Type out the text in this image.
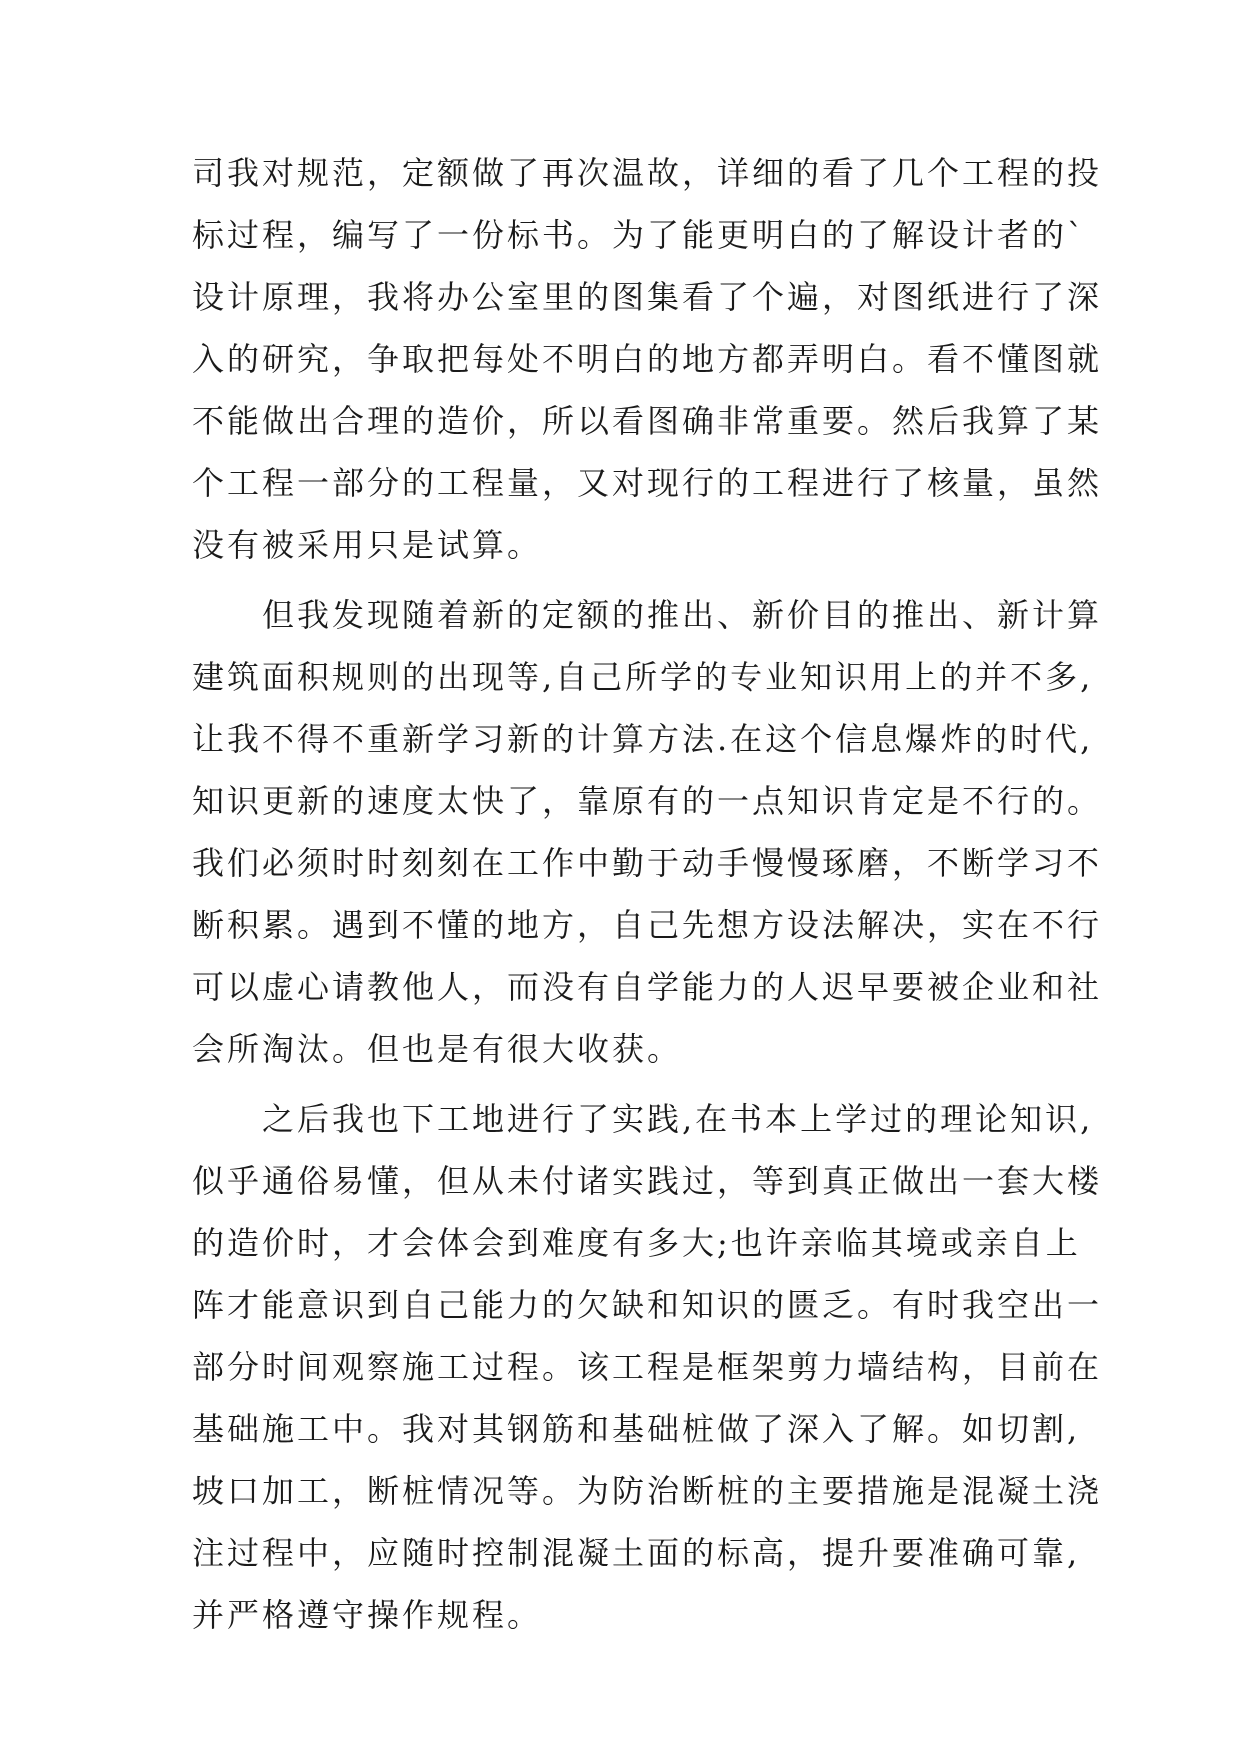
司我对规范，定额做了再次温故，详细的看了几个工程的投
标过程，编写了一份标书。为了能更明白的了解设计者的`
设计原理，我将办公室里的图集看了个遍，对图纸进行了深
入的研究，争取把每处不明白的地方都弄明白。看不懂图就
不能做出合理的造价，所以看图确非常重要。然后我算了某
个工程一部分的工程量，又对现行的工程进行了核量，虽然
没有被采用只是试算。
　　但我发现随着新的定额的推出、新价目的推出、新计算
建筑面积规则的出现等,自己所学的专业知识用上的并不多,
让我不得不重新学习新的计算方法.在这个信息爆炸的时代,
知识更新的速度太快了，靠原有的一点知识肯定是不行的。
我们必须时时刻刻在工作中勤于动手慢慢琢磨，不断学习不
断积累。遇到不懂的地方，自己先想方设法解决，实在不行
可以虚心请教他人，而没有自学能力的人迟早要被企业和社
会所淘汰。但也是有很大收获。
　　之后我也下工地进行了实践,在书本上学过的理论知识,
似乎通俗易懂，但从未付诸实践过，等到真正做出一套大楼
的造价时，才会体会到难度有多大;也许亲临其境或亲自上
阵才能意识到自己能力的欠缺和知识的匮乏。有时我空出一
部分时间观察施工过程。该工程是框架剪力墙结构，目前在
基础施工中。我对其钢筋和基础桩做了深入了解。如切割,
坡口加工，断桩情况等。为防治断桩的主要措施是混凝土浇
注过程中，应随时控制混凝土面的标高，提升要准确可靠,
并严格遵守操作规程。
